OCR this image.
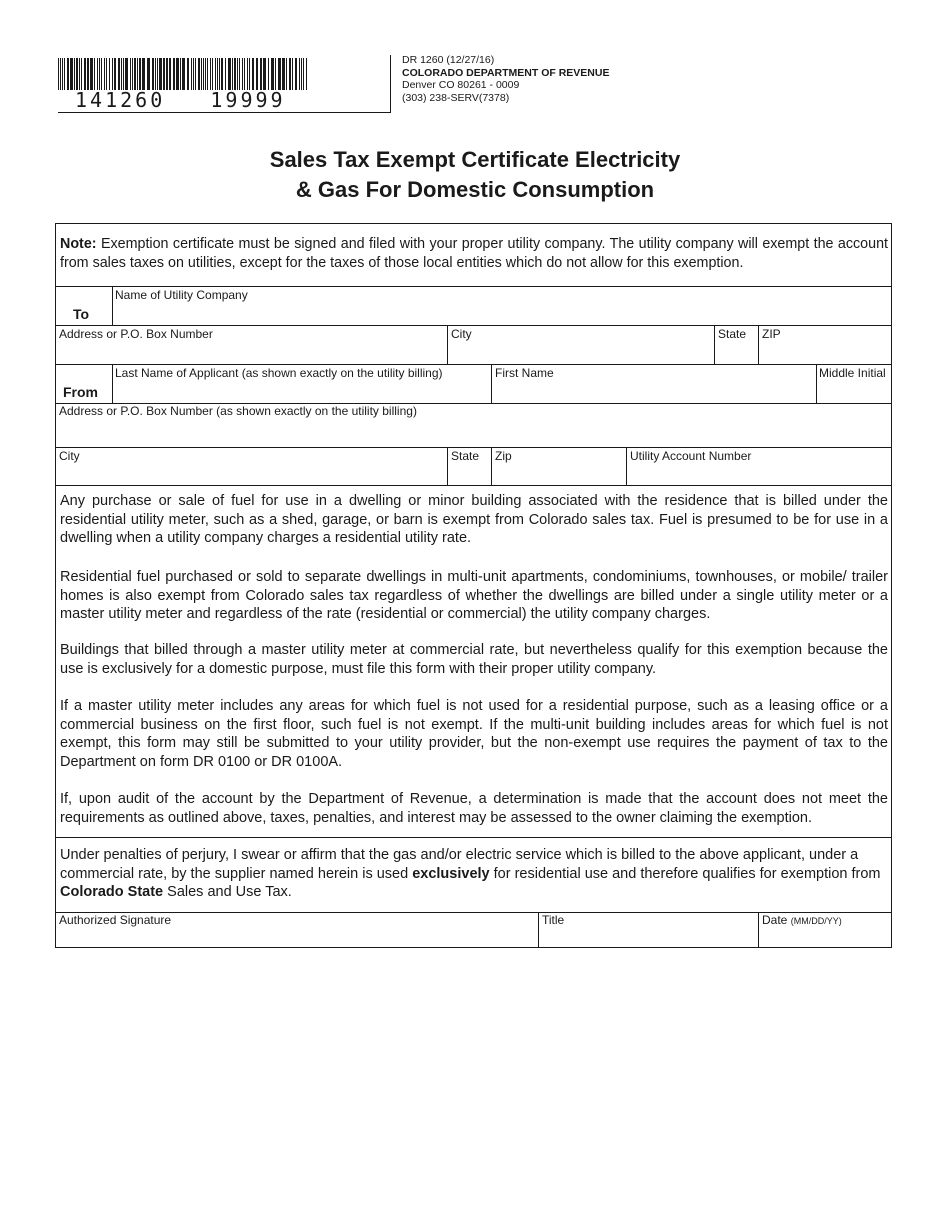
141260   19999
DR 1260 (12/27/16)
COLORADO DEPARTMENT OF REVENUE
Denver CO 80261 - 0009
(303) 238-SERV(7378)
Sales Tax Exempt Certificate Electricity
& Gas For Domestic Consumption

Note: Exemption certificate must be signed and filed with your proper utility company. The utility company will exempt the account from sales taxes on utilities, except for the taxes of those local entities which do not allow for this exemption.

To
Name of Utility Company
Address or P.O. Box Number	City	State ZIP
From
Last Name of Applicant (as shown exactly on the utility billing)	First Name	Middle Initial
Address or P.O. Box Number (as shown exactly on the utility billing)
City	State Zip	Utility Account Number

Any purchase or sale of fuel for use in a dwelling or minor building associated with the residence that is billed under the residential utility meter, such as a shed, garage, or barn is exempt from Colorado sales tax. Fuel is presumed to be for use in a dwelling when a utility company charges a residential utility rate.

Residential fuel purchased or sold to separate dwellings in multi-unit apartments, condominiums, townhouses, or mobile/ trailer homes is also exempt from Colorado sales tax regardless of whether the dwellings are billed under a single utility meter or a master utility meter and regardless of the rate (residential or commercial) the utility company charges.

Buildings that billed through a master utility meter at commercial rate, but nevertheless qualify for this exemption because the use is exclusively for a domestic purpose, must file this form with their proper utility company.

If a master utility meter includes any areas for which fuel is not used for a residential purpose, such as a leasing office or a commercial business on the first floor, such fuel is not exempt. If the multi-unit building includes areas for which fuel is not exempt, this form may still be submitted to your utility provider, but the non-exempt use requires the payment of tax to the Department on form DR 0100 or DR 0100A.

If, upon audit of the account by the Department of Revenue, a determination is made that the account does not meet the requirements as outlined above, taxes, penalties, and interest may be assessed to the owner claiming the exemption.

Under penalties of perjury, I swear or affirm that the gas and/or electric service which is billed to the above applicant, under a commercial rate, by the supplier named herein is used exclusively for residential use and therefore qualifies for exemption from Colorado State Sales and Use Tax.

Authorized Signature	Title	Date (MM/DD/YY)
